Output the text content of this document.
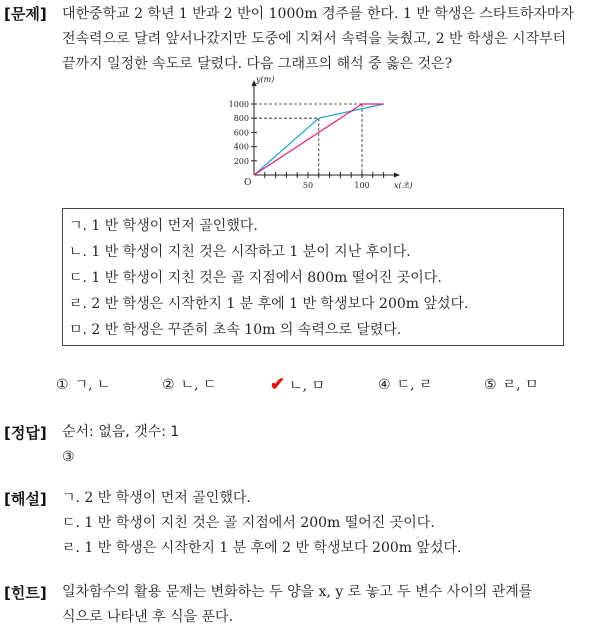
[문제] 대한중학교 2 학년 1 반과 2 반이 1000m 경주를 한다. 1 반 학생은 스타트하자마자
전속력으로 달려 앞서나갔지만 도중에 지쳐서 속력을 늦췄고, 2 반 학생은 시작부터
끝까지 일정한 속도로 달렸다. 다음 그래프의 해석 중 옳은 것은?
1000
800
600
400
200
50	100
y(m)
x(초)
O
ㄱ. 1 반 학생이 먼저 골인했다.
ㄴ. 1 반 학생이 지친 것은 시작하고 1 분이 지난 후이다.
ㄷ. 1 반 학생이 지친 것은 골 지점에서 800m 떨어진 곳이다.
ㄹ. 2 반 학생은 시작한지 1 분 후에 1 반 학생보다 200m 앞섰다.
ㅁ. 2 반 학생은 꾸준히 초속 10m 의 속력으로 달렸다.
① ㄱ, ㄴ	② ㄴ, ㄷ	✔ ㄴ, ㅁ	④ ㄷ, ㄹ	⑤ ㄹ, ㅁ
[정답] 순서: 없음, 갯수: 1
③
[해설] ㄱ. 2 반 학생이 먼저 골인했다.
ㄷ. 1 반 학생이 지친 것은 골 지점에서 200m 떨어진 곳이다.
ㄹ. 1 반 학생은 시작한지 1 분 후에 2 반 학생보다 200m 앞섰다.
[힌트] 일차함수의 활용 문제는 변화하는 두 양을 x, y 로 놓고 두 변수 사이의 관계를
식으로 나타낸 후 식을 푼다.
